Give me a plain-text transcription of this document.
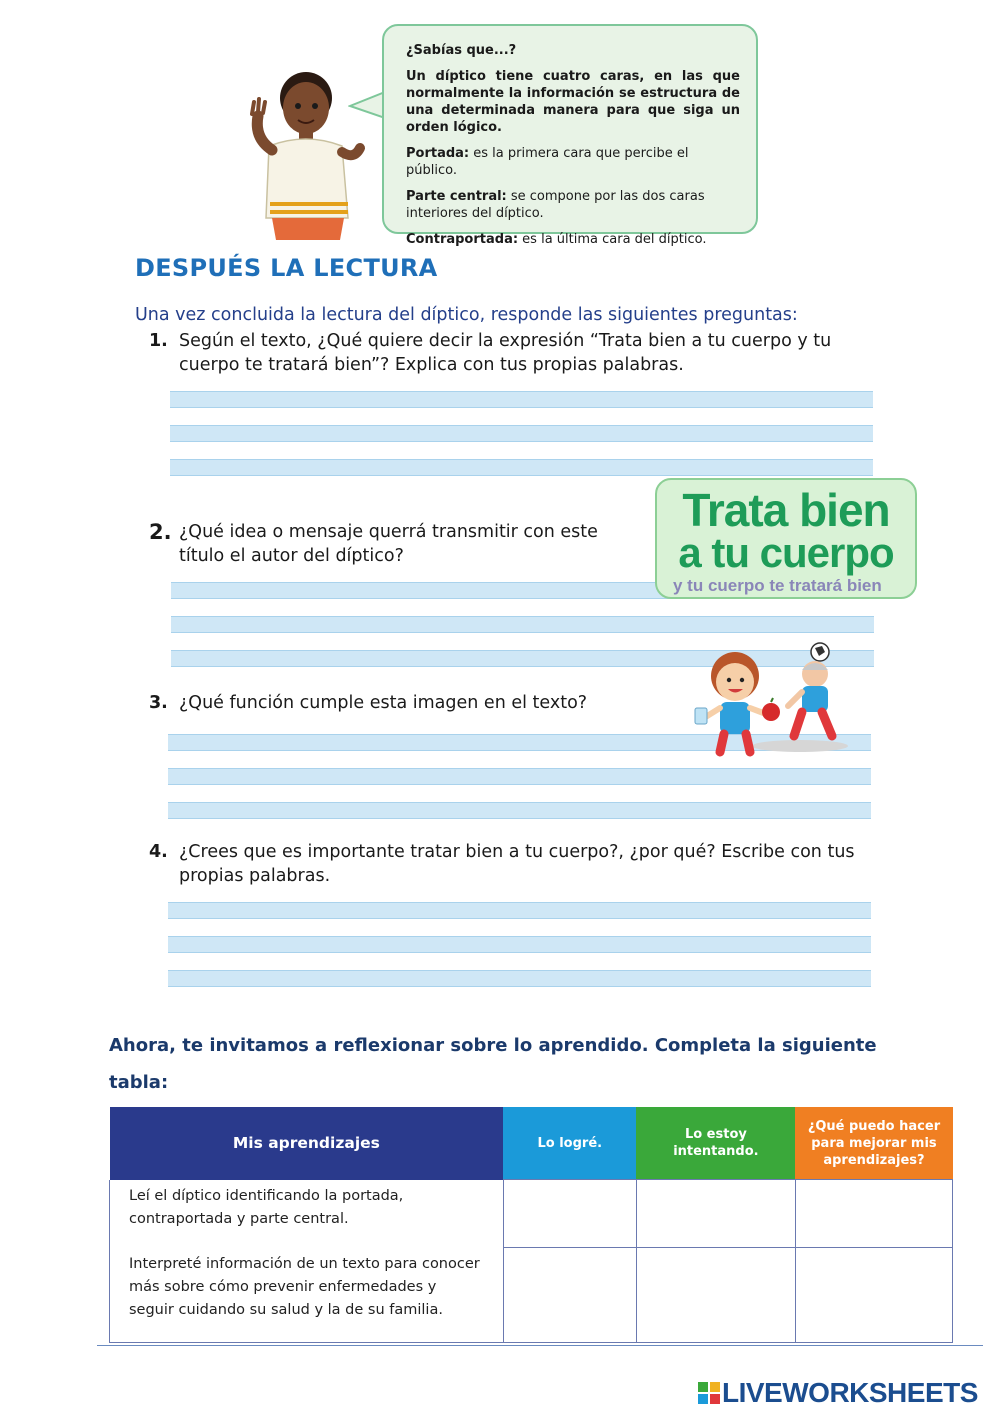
¿Sabías que...?

Un díptico tiene cuatro caras, en las que normalmente la información se estructura de una determinada manera para que siga un orden lógico.

Portada: es la primera cara que percibe el público.

Parte central: se compone por las dos caras interiores del díptico.

Contraportada: es la última cara del díptico.

DESPUÉS LA LECTURA
Una vez concluida la lectura del díptico, responde las siguientes preguntas:
1. Según el texto, ¿Qué quiere decir la expresión “Trata bien a tu cuerpo y tu
cuerpo te tratará bien”? Explica con tus propias palabras.
2. ¿Qué idea o mensaje querrá transmitir con este
título el autor del díptico?
Trata bien
a tu cuerpo
y tu cuerpo te tratará bien
3. ¿Qué función cumple esta imagen en el texto?
4. ¿Crees que es importante tratar bien a tu cuerpo?, ¿por qué? Escribe con tus
propias palabras.
Ahora, te invitamos a reflexionar sobre lo aprendido. Completa la siguiente tabla:
Mis aprendizajes	Lo logré.	Lo estoy intentando.	¿Qué puedo hacer para mejorar mis aprendizajes?
Leí el díptico identificando la portada, contraportada y parte central.			
Interpreté información de un texto para conocer más sobre cómo prevenir enfermedades y seguir cuidando su salud y la de su familia.			
LIVEWORKSHEETS
